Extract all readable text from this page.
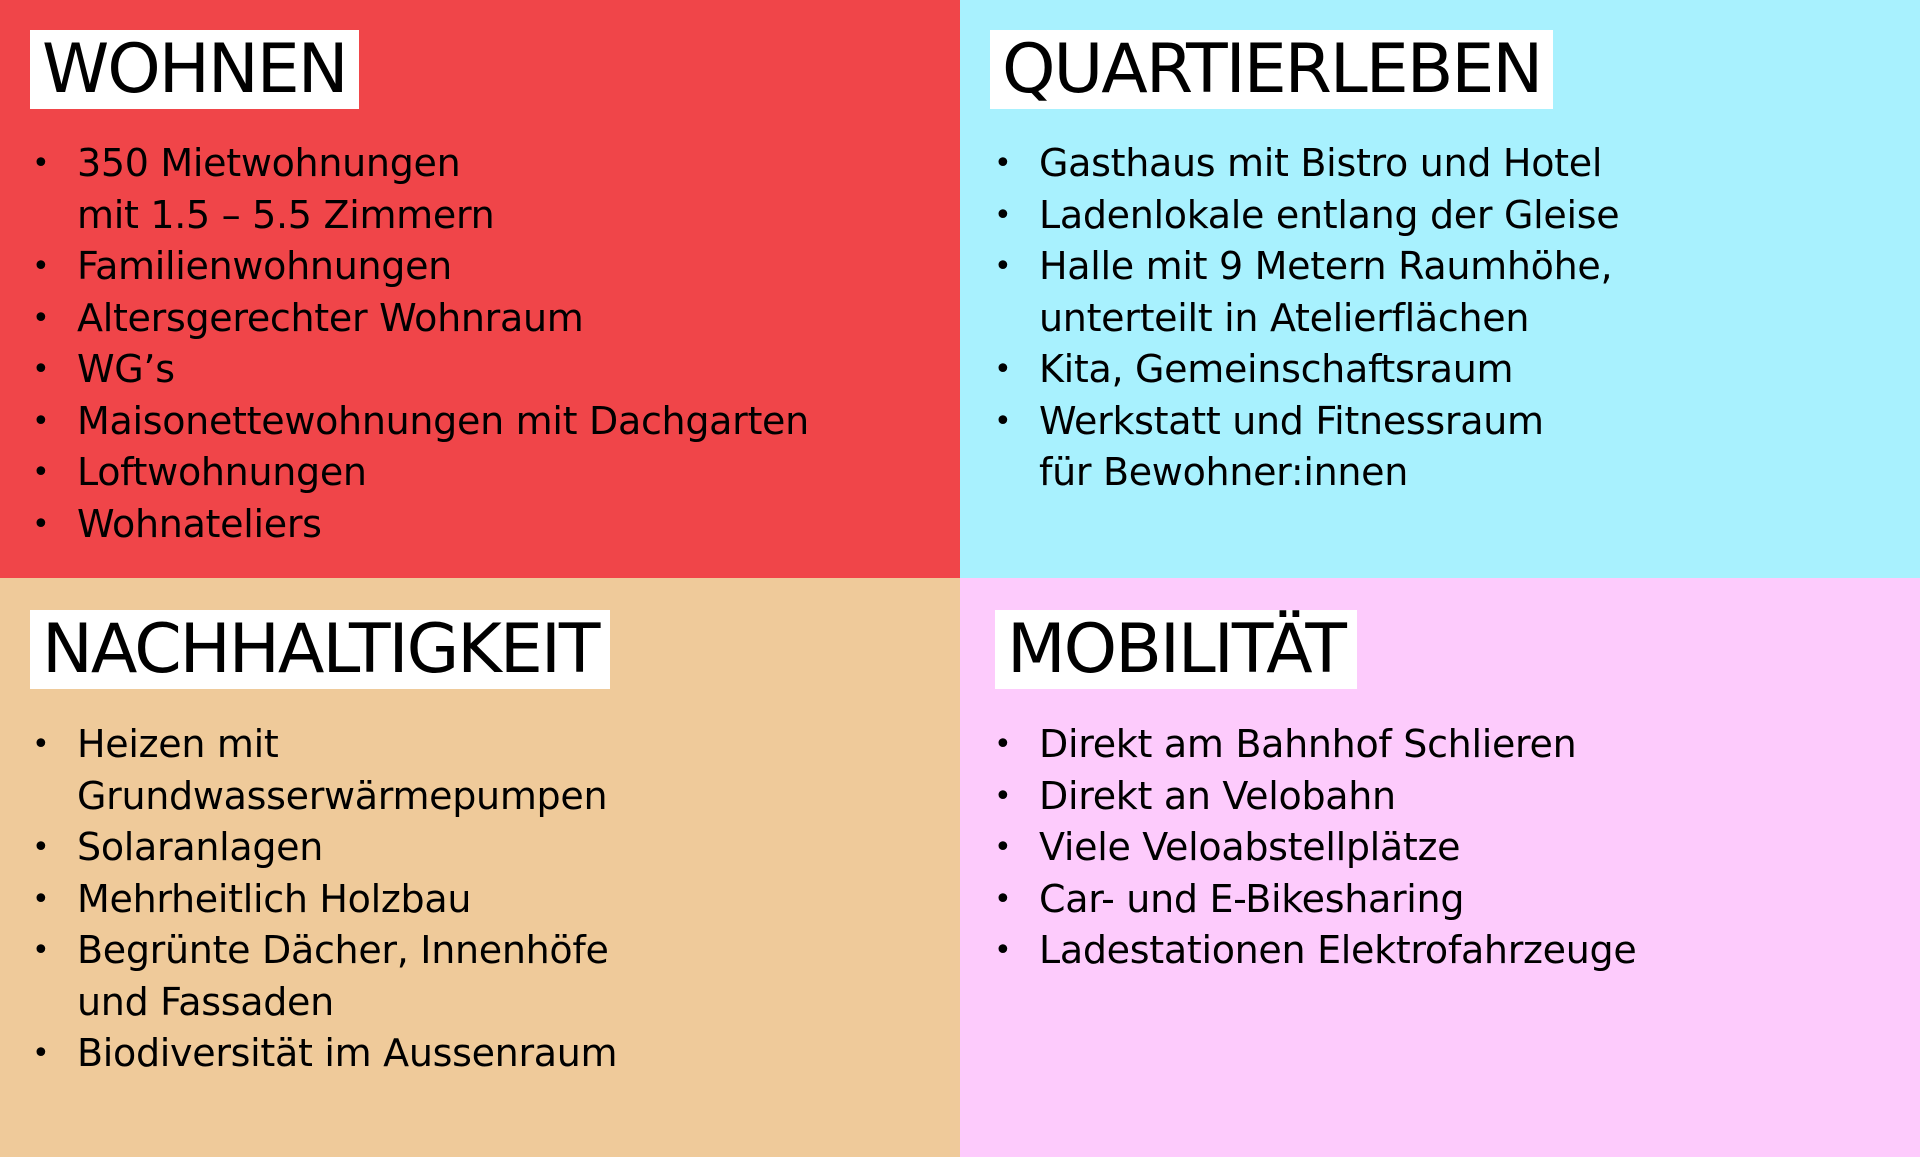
WOHNEN
• 350 Mietwohnungen
mit 1.5 – 5.5 Zimmern
• Familienwohnungen
• Altersgerechter Wohnraum
• WG’s
• Maisonettewohnungen mit Dachgarten
• Loftwohnungen
• Wohnateliers
QUARTIERLEBEN
• Gasthaus mit Bistro und Hotel
• Ladenlokale entlang der Gleise
• Halle mit 9 Metern Raumhöhe,
unterteilt in Atelierflächen
• Kita, Gemeinschaftsraum
• Werkstatt und Fitnessraum
für Bewohner:innen
NACHHALTIGKEIT
• Heizen mit
Grundwasserwärmepumpen
• Solaranlagen
• Mehrheitlich Holzbau
• Begrünte Dächer, Innenhöfe
und Fassaden
• Biodiversität im Aussenraum
MOBILITÄT
• Direkt am Bahnhof Schlieren
• Direkt an Velobahn
• Viele Veloabstellplätze
• Car- und E-Bikesharing
• Ladestationen Elektrofahrzeuge
